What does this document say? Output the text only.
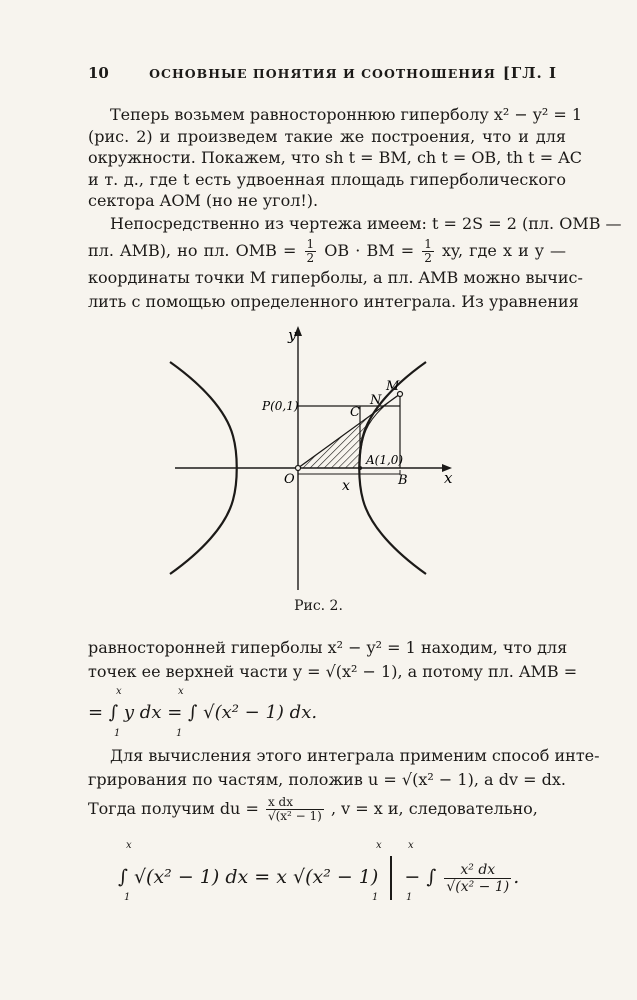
10	ОСНОВНЫЕ ПОНЯТИЯ И СООТНОШЕНИЯ [ГЛ. I
Теперь возьмем равностороннюю гиперболу x² − y² = 1
(рис. 2) и произведем такие же построения, что и для
окружности. Покажем, что sh t = BM, ch t = OB, th t = AC
и т. д., где t есть удвоенная площадь гиперболического
сектора AOM (но не угол!).
Непосредственно из чертежа имеем: t = 2S = 2 (пл. OMB —
пл. AMB), но пл. OMB = $\frac{1}{2}$ OB · BM = $\frac{1}{2}$ xy, где x и y —
координаты точки M гиперболы, а пл. AMB можно вычис-
лить с помощью определенного интеграла. Из уравнения
y
x
M
N
C
P(0,1)
A(1,0)
O	B
x
Рис. 2.
равносторонней гиперболы x² − y² = 1 находим, что для
точек ее верхней части y = √(x² − 1), а потому пл. AMB =
= ∫ y dx = ∫ √(x² − 1) dx.
x
1
x
1
Для вычисления этого интеграла применим способ инте-
грирования по частям, положив u = √(x² − 1), а dv = dx.
Тогда получим du = $\frac{\text{x dx}}{\text{√(x² − 1)}}$ , v = x и, следовательно,
∫ √(x² − 1) dx = x √(x² − 1) − ∫ $\frac{\text{x² dx}}{\text{√(x² − 1)}}$ .
x
1
x
1
x
1
